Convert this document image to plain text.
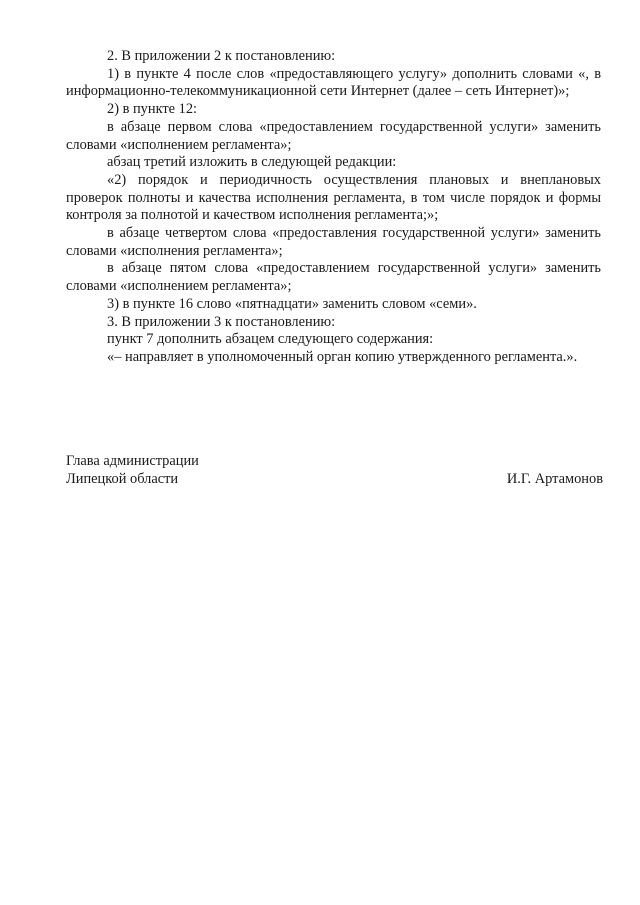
2. В приложении 2 к постановлению:

1) в пункте 4 после слов «предоставляющего услугу» дополнить словами «, в информационно-телекоммуникационной сети Интернет (далее – сеть Интернет)»;

2) в пункте 12:

в абзаце первом слова «предоставлением государственной услуги» заменить словами «исполнением регламента»;

абзац третий изложить в следующей редакции:

«2) порядок и периодичность осуществления плановых и внеплановых проверок полноты и качества исполнения регламента, в том числе порядок и формы контроля за полнотой и качеством исполнения регламента;»;

в абзаце четвертом слова «предоставления государственной услуги» заменить словами «исполнения регламента»;

в абзаце пятом слова «предоставлением государственной услуги» заменить словами «исполнением регламента»;

3) в пункте 16 слово «пятнадцати» заменить словом «семи».

3. В приложении 3 к постановлению:

пункт 7 дополнить абзацем следующего содержания:

«– направляет в уполномоченный орган копию утвержденного регламента.».

Глава администрации
Липецкой области	И.Г. Артамонов
